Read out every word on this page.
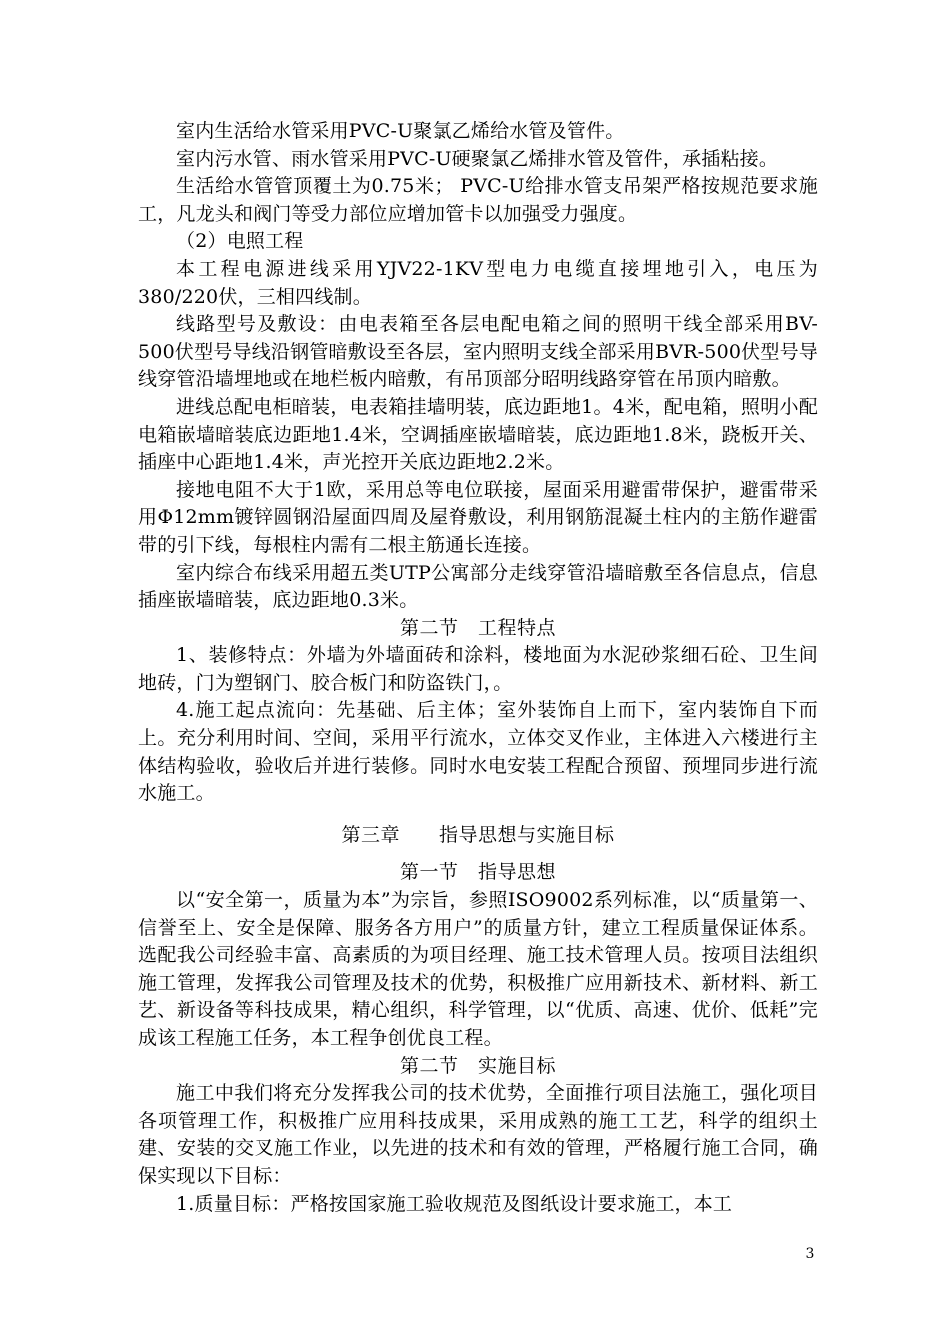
室内生活给水管采用PVC-U聚氯乙烯给水管及管件。

室内污水管、雨水管采用PVC-U硬聚氯乙烯排水管及管件，承插粘接。

生活给水管管顶覆土为0.75米； PVC-U给排水管支吊架严格按规范要求施工，凡龙头和阀门等受力部位应增加管卡以加强受力强度。

（2）电照工程

本工程电源进线采用YJV22-1KV型电力电缆直接埋地引入，电压为380/220伏，三相四线制。

线路型号及敷设：由电表箱至各层电配电箱之间的照明干线全部采用BV-500伏型号导线沿钢管暗敷设至各层，室内照明支线全部采用BVR-500伏型号导线穿管沿墙埋地或在地栏板内暗敷，有吊顶部分昭明线路穿管在吊顶内暗敷。

进线总配电柜暗装，电表箱挂墙明装，底边距地1。4米，配电箱，照明小配电箱嵌墙暗装底边距地1.4米，空调插座嵌墙暗装，底边距地1.8米，跷板开关、插座中心距地1.4米，声光控开关底边距地2.2米。

接地电阻不大于1欧，采用总等电位联接，屋面采用避雷带保护，避雷带采用Φ12mm镀锌圆钢沿屋面四周及屋脊敷设，利用钢筋混凝土柱内的主筋作避雷带的引下线，每根柱内需有二根主筋通长连接。

室内综合布线采用超五类UTP公寓部分走线穿管沿墙暗敷至各信息点，信息插座嵌墙暗装，底边距地0.3米。

第二节　工程特点

1、装修特点：外墙为外墙面砖和涂料，楼地面为水泥砂浆细石砼、卫生间地砖，门为塑钢门、胶合板门和防盗铁门，。

4.施工起点流向：先基础、后主体；室外装饰自上而下，室内装饰自下而上。充分利用时间、空间，采用平行流水，立体交叉作业，主体进入六楼进行主体结构验收，验收后并进行装修。同时水电安装工程配合预留、预埋同步进行流水施工。

第三章　　指导思想与实施目标

第一节　指导思想

以“安全第一，质量为本”为宗旨，参照ISO9002系列标准，以“质量第一、信誉至上、安全是保障、服务各方用户”的质量方针，建立工程质量保证体系。选配我公司经验丰富、高素质的为项目经理、施工技术管理人员。按项目法组织施工管理，发挥我公司管理及技术的优势，积极推广应用新技术、新材料、新工艺、新设备等科技成果，精心组织，科学管理，以“优质、高速、优价、低耗”完成该工程施工任务，本工程争创优良工程。

第二节　实施目标

施工中我们将充分发挥我公司的技术优势，全面推行项目法施工，强化项目各项管理工作，积极推广应用科技成果，采用成熟的施工工艺，科学的组织土建、安装的交叉施工作业，以先进的技术和有效的管理，严格履行施工合同，确保实现以下目标：

1.质量目标：严格按国家施工验收规范及图纸设计要求施工，本工

3
